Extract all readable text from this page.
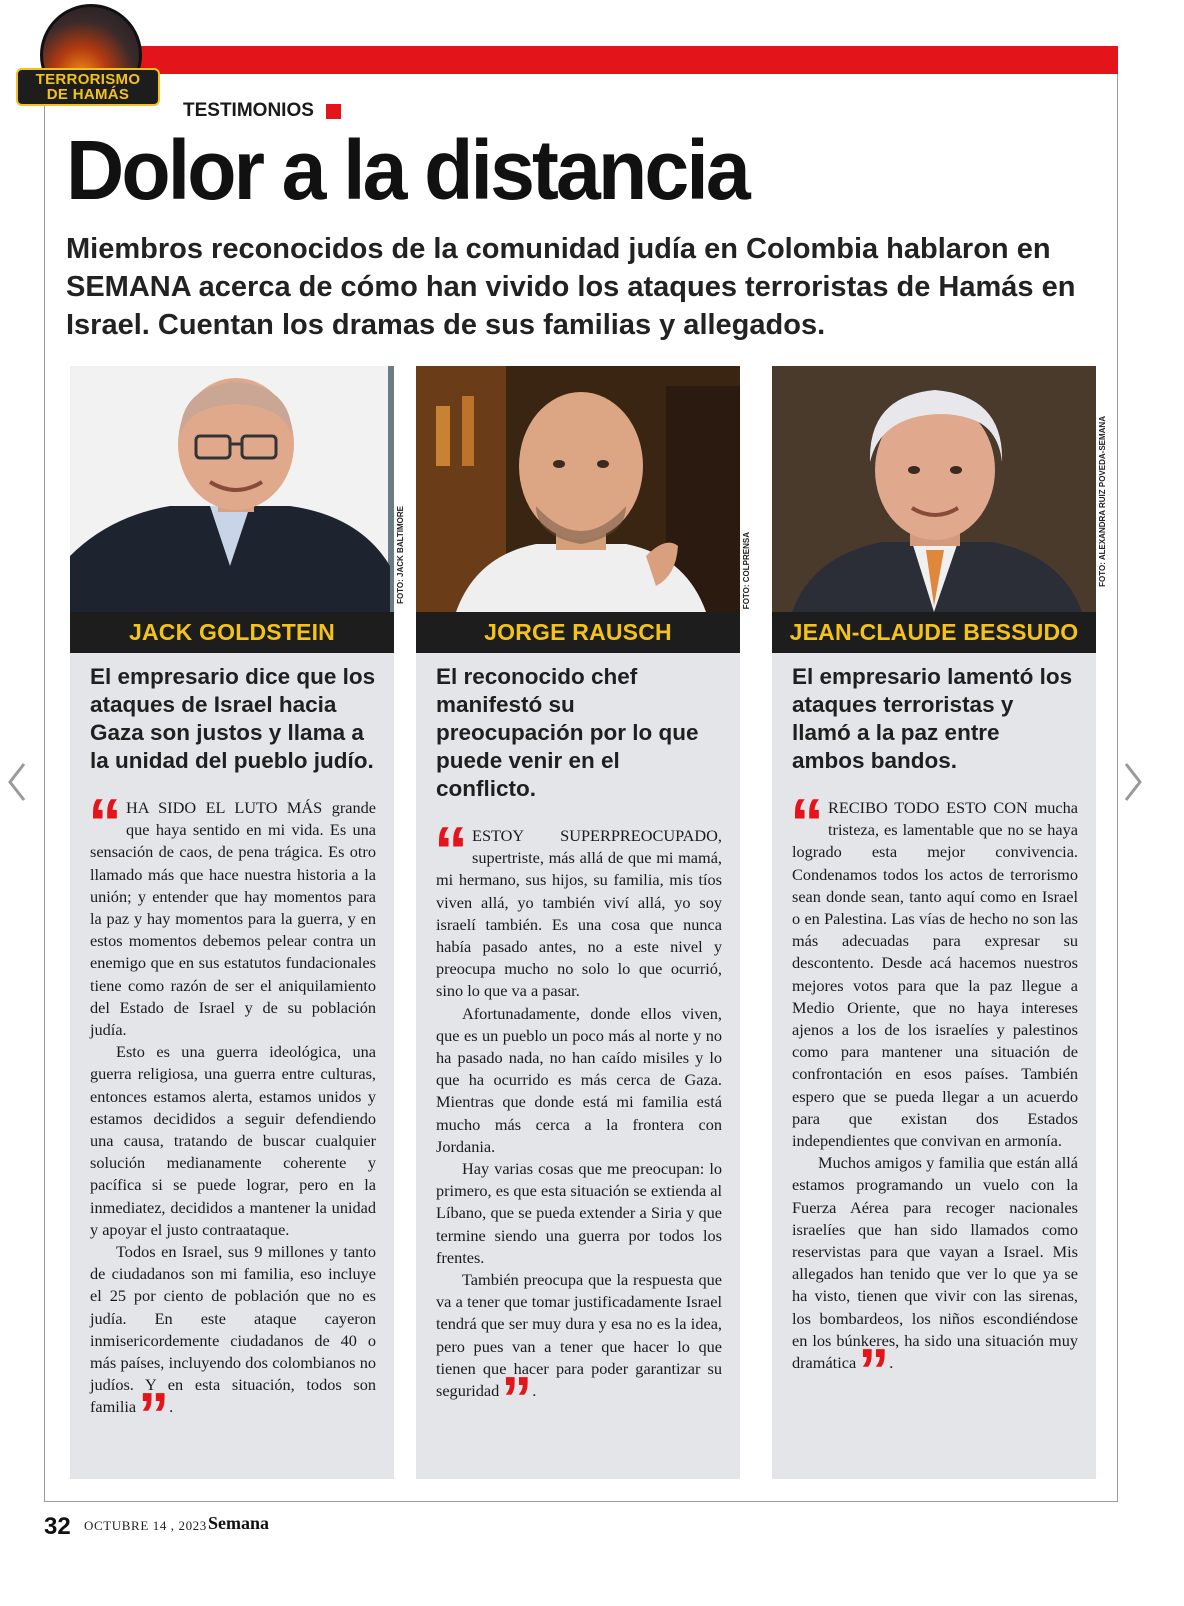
TERRORISMO
DE HAMÁS
TESTIMONIOS
Dolor a la distancia

Miembros reconocidos de la comunidad judía en Colombia hablaron en SEMANA acerca de cómo han vivido los ataques terroristas de Hamás en Israel. Cuentan los dramas de sus familias y allegados.

FOTO: JACK BALTIMORE
JACK GOLDSTEIN

El empresario dice que los ataques de Israel hacia Gaza son justos y llama a la unidad del pueblo judío.

“ HA SIDO EL LUTO MÁS grande que haya sentido en mi vida. Es una sensación de caos, de pena trágica. Es otro llamado más que hace nuestra historia a la unión; y entender que hay momentos para la paz y hay momentos para la guerra, y en estos momentos debemos pelear contra un enemigo que en sus estatutos fundacionales tiene como razón de ser el aniquilamiento del Estado de Israel y de su población judía.

Esto es una guerra ideológica, una guerra religiosa, una guerra entre culturas, entonces estamos alerta, estamos unidos y estamos decididos a seguir defendiendo una causa, tratando de buscar cualquier solución medianamente coherente y pacífica si se puede lograr, pero en la inmediatez, decididos a mantener la unidad y apoyar el justo contraataque.

Todos en Israel, sus 9 millones y tanto de ciudadanos son mi familia, eso incluye el 25 por ciento de población que no es judía. En este ataque cayeron inmisericordemente ciudadanos de 40 o más países, incluyendo dos colombianos no judíos. Y en esta situación, todos son familia”.

FOTO: COLPRENSA
JORGE RAUSCH

El reconocido chef manifestó su preocupación por lo que puede venir en el conflicto.

“ ESTOY SUPERPREOCUPADO, supertriste, más allá de que mi mamá, mi hermano, sus hijos, su familia, mis tíos viven allá, yo también viví allá, yo soy israelí también. Es una cosa que nunca había pasado antes, no a este nivel y preocupa mucho no solo lo que ocurrió, sino lo que va a pasar.

Afortunadamente, donde ellos viven, que es un pueblo un poco más al norte y no ha pasado nada, no han caído misiles y lo que ha ocurrido es más cerca de Gaza. Mientras que donde está mi familia está mucho más cerca a la frontera con Jordania.

Hay varias cosas que me preocupan: lo primero, es que esta situación se extienda al Líbano, que se pueda extender a Siria y que termine siendo una guerra por todos los frentes.

También preocupa que la respuesta que va a tener que tomar justificadamente Israel tendrá que ser muy dura y esa no es la idea, pero pues van a tener que hacer lo que tienen que hacer para poder garantizar su seguridad”.

FOTO: ALEXANDRA RUIZ POVEDA-SEMANA
JEAN-CLAUDE BESSUDO

El empresario lamentó los ataques terroristas y llamó a la paz entre ambos bandos.

“ RECIBO TODO ESTO CON mucha tristeza, es lamentable que no se haya logrado esta mejor convivencia. Condenamos todos los actos de terrorismo sean donde sean, tanto aquí como en Israel o en Palestina. Las vías de hecho no son las más adecuadas para expresar su descontento. Desde acá hacemos nuestros mejores votos para que la paz llegue a Medio Oriente, que no haya intereses ajenos a los de los israelíes y palestinos como para mantener una situación de confrontación en esos países. También espero que se pueda llegar a un acuerdo para que existan dos Estados independientes que convivan en armonía.

Muchos amigos y familia que están allá estamos programando un vuelo con la Fuerza Aérea para recoger nacionales israelíes que han sido llamados como reservistas para que vayan a Israel. Mis allegados han tenido que ver lo que ya se ha visto, tienen que vivir con las sirenas, los bombardeos, los niños escondiéndose en los búnkeres, ha sido una situación muy dramática”.

32 OCTUBRE 14 , 2023 Semana
